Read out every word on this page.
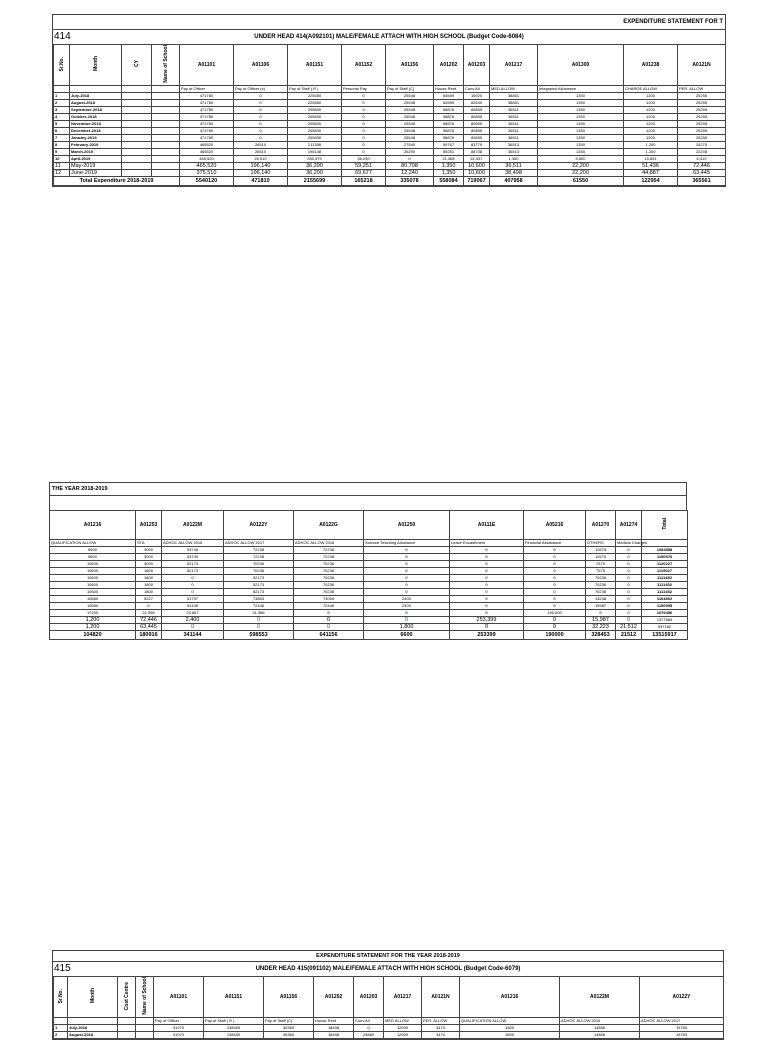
EXPENDITURE STATEMENT FOR T
414	UNDER HEAD 414(A092101) MALE/FEMALE ATTACH WITH HIGH SCHOOL (Budget Code-6084)
Sr.No.	Month	CY	Name of School	A01101	A01106	A01151	A01152	A01156	A01202	A01203	A01217	A01300	A01238	A0121N
				Pay of Officer	Pay of Officer (s)	Pay of Staff ( R )	Personal Pay	Pay of Staff (C)	House Rent	Conv.All	MED ALLOW	Integrated Allowance	CHARGE ALLOW	PER. ALLOW
1	July-2018			471780	0	225650	0	25548	64559	16920	38851	1350	1200	25255
2	August-2018			471780	0	225650	0	25548	64559	82640	38851	1350	1200	25255
3	September-2018			471780	0	205830	0	25548	58876	80855	36511	1350	1200	25255
4	October-2018			471780	0	205830	0	25548	58876	80855	36511	1350	1200	25255
5	November-2018			471780	0	205830	0	25548	58876	80855	36511	1350	1200	25255
6	December-2018			471780	0	205830	0	25548	58876	80855	36511	1350	1200	25255
7	January-2019			471780	0	205830	0	25548	58876	80855	36511	1350	1200	25255
8	February-2019			465520	26510	211358	0	27540	59767	83779	36513	1350	1,200	24275
9	March-2019			465520	26510	196148	0	26290	59251	88708	36513	1350	1,200	22208
10	April-2019			465,520	26,510	280,379	36,290	0	21,368	51,537	1,350	5,800	15,891	6,410
11	May-2019			465,520	196,140	36,290	59,251	80,708	1,350	10,600	36,511	22,200	51,436	72,446
12	June-2019			375,510	196,140	36,290	69,677	12,240	1,350	10,600	38,498	22,200	44,887	63,445
Total Expenditure 2018-2019				5540120	471810	2155699	165218	335078	558084	719067	407958	61550	122954	365561
THE YEAR 2018-2019
A01216	A01253	A0122M	A0122Y	A0122G	A01250	A0111E	A05216	A01270	A01274	Total
QUALIFICATION ALLOW	STA	ADHOC ALLOW 2016	ADHOC ALLOW 2017	ADHOC ALLOW 2018	Science Teaching Allowance	Leave Encashment	Financial Assistance	OTHERS	Medical Charges	
5600	3000	53749	72238	72238	0	0	0	12675	0	1084858
5600	3000	53749	72238	72238	0	0	0	12675	0	1150576
10600	3000	52173	70236	70236	0	0	0	7575	0	1120227
10600	1800	52173	70236	70236	0	0	0	7575	0	1119027
10600	1800	0	52173	70236	0	0	0	70236	0	1111452
10600	1800	0	52173	70236	0	0	0	70236	0	1111452
10600	1800	0	52173	70236	0	0	0	70236	0	1111452
10680	5227	51797	73854	73054	2400	0	0	13248	0	1164802
10680	0	51436	72446	72446	2400	0	0	15987	0	1150995
17200	21,598	23,867	31,386	0	0	0	190,000	0	0	1076456
1,200	72,446	2,400	0	0	0	253,399	0	15,987	0	1377684
1,200	63,445	0	0	0	1,800	0	0	32,223	21,512	937182
104820	180916	341144	598553	641156	6600	253399	190000	328453	21512	13515917
EXPENDITURE STATEMENT FOR THE YEAR 2018-2019
415	UNDER HEAD 415(091102) MALE/FEMALE ATTACH WITH HIGH SCHOOL (Budget Code-6079)
Sr.No.	Month	Cost Centre	Name of School	A01101	A01151	A01156	A01202	A01203	A01217	A0121N	A01216	A0122M	A0122Y
				Pay of Officer	Pay of Staff ( R )	Pay of Staff (C)	House Rent	Conv.All	MED ALLOW	PER. ALLOW	QUALIFICATION ALLOW	ADHOC ALLOW 2016	ADHOC ALLOW 2017
1	July-2018			31070	138400	30360	18498	0	12000	3470	1800	14856	19783
2	August-2018			31070	138400	30360	18498	24880	12000	3470	1800	14856	19783
